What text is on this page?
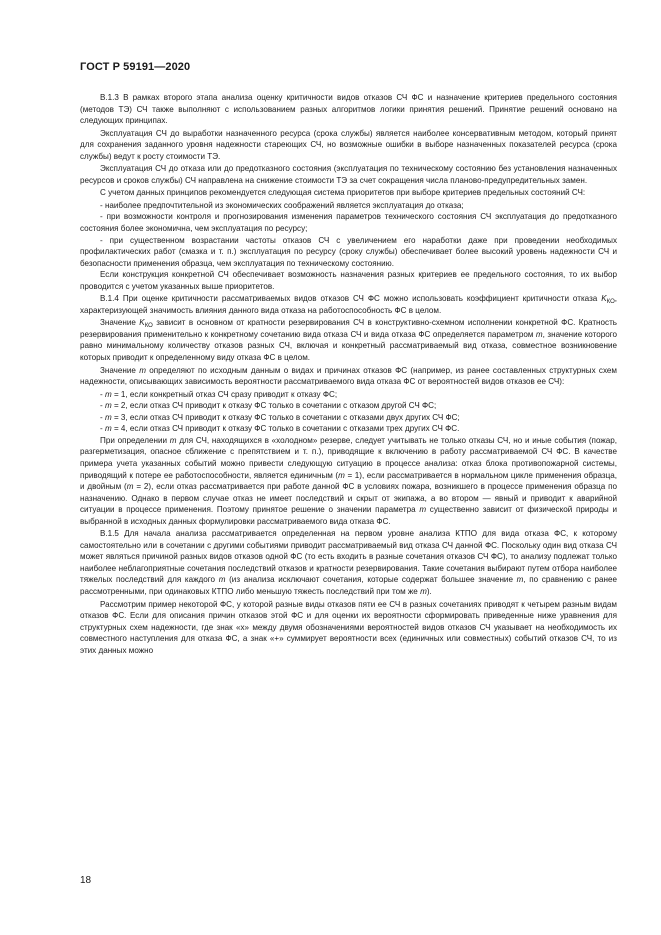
ГОСТ Р 59191—2020

В.1.3 В рамках второго этапа анализа оценку критичности видов отказов СЧ ФС и назначение критериев предельного состояния (методов ТЭ) СЧ также выполняют с использованием разных алгоритмов логики принятия решений. Принятие решений основано на следующих принципах.

Эксплуатация СЧ до выработки назначенного ресурса (срока службы) является наиболее консервативным методом, который принят для сохранения заданного уровня надежности стареющих СЧ, но возможные ошибки в выборе назначенных показателей ресурса (срока службы) ведут к росту стоимости ТЭ.

Эксплуатация СЧ до отказа или до предотказного состояния (эксплуатация по техническому состоянию без установления назначенных ресурсов и сроков службы) СЧ направлена на снижение стоимости ТЭ за счет сокращения числа планово-предупредительных замен.

С учетом данных принципов рекомендуется следующая система приоритетов при выборе критериев предельных состояний СЧ:

- наиболее предпочтительной из экономических соображений является эксплуатация до отказа;

- при возможности контроля и прогнозирования изменения параметров технического состояния СЧ эксплуатация до предотказного состояния более экономична, чем эксплуатация по ресурсу;

- при существенном возрастании частоты отказов СЧ с увеличением его наработки даже при проведении необходимых профилактических работ (смазка и т. п.) эксплуатация по ресурсу (сроку службы) обеспечивает более высокий уровень надежности СЧ и безопасности применения образца, чем эксплуатация по техническому состоянию.

Если конструкция конкретной СЧ обеспечивает возможность назначения разных критериев ее предельного состояния, то их выбор проводится с учетом указанных выше приоритетов.

В.1.4 При оценке критичности рассматриваемых видов отказов СЧ ФС можно использовать коэффициент критичности отказа $K_{КО}$, характеризующей значимость влияния данного вида отказа на работоспособность ФС в целом.

Значение $K_{КО}$ зависит в основном от кратности резервирования СЧ в конструктивно-схемном исполнении конкретной ФС. Кратность резервирования применительно к конкретному сочетанию вида отказа СЧ и вида отказа ФС определяется параметром m, значение которого равно минимальному количеству отказов разных СЧ, включая и конкретный рассматриваемый вид отказа, совместное возникновение которых приводит к определенному виду отказа ФС в целом.

Значение m определяют по исходным данным о видах и причинах отказов ФС (например, из ранее составленных структурных схем надежности, описывающих зависимость вероятности рассматриваемого вида отказа ФС от вероятностей видов отказов ее СЧ):

- m = 1, если конкретный отказ СЧ сразу приводит к отказу ФС;

- m = 2, если отказ СЧ приводит к отказу ФС только в сочетании с отказом другой СЧ ФС;

- m = 3, если отказ СЧ приводит к отказу ФС только в сочетании с отказами двух других СЧ ФС;

- m = 4, если отказ СЧ приводит к отказу ФС только в сочетании с отказами трех других СЧ ФС.

При определении m для СЧ, находящихся в «холодном» резерве, следует учитывать не только отказы СЧ, но и иные события (пожар, разгерметизация, опасное сближение с препятствием и т. п.), приводящие к включению в работу рассматриваемой СЧ ФС. В качестве примера учета указанных событий можно привести следующую ситуацию в процессе анализа: отказ блока противопожарной системы, приводящий к потере ее работоспособности, является единичным (m = 1), если рассматривается в нормальном цикле применения образца, и двойным (m = 2), если отказ рассматривается при работе данной ФС в условиях пожара, возникшего в процессе применения образца по назначению. Однако в первом случае отказ не имеет последствий и скрыт от экипажа, а во втором — явный и приводит к аварийной ситуации в процессе применения. Поэтому принятое решение о значении параметра m существенно зависит от физической природы и выбранной в исходных данных формулировки рассматриваемого вида отказа ФС.

В.1.5 Для начала анализа рассматривается определенная на первом уровне анализа КТПО для вида отказа ФС, к которому самостоятельно или в сочетании с другими событиями приводит рассматриваемый вид отказа СЧ данной ФС. Поскольку один вид отказа СЧ может являться причиной разных видов отказов одной ФС (то есть входить в разные сочетания отказов СЧ ФС), то анализу подлежат только наиболее неблагоприятные сочетания последствий отказов и кратности резервирования. Такие сочетания выбирают путем отбора наиболее тяжелых последствий для каждого m (из анализа исключают сочетания, которые содержат большее значение m, по сравнению с ранее рассмотренными, при одинаковых КТПО либо меньшую тяжесть последствий при том же m).

Рассмотрим пример некоторой ФС, у которой разные виды отказов пяти ее СЧ в разных сочетаниях приводят к четырем разным видам отказов ФС. Если для описания причин отказов этой ФС и для оценки их вероятности сформировать приведенные ниже уравнения для структурных схем надежности, где знак «х» между двумя обозначениями вероятностей видов отказов СЧ указывает на необходимость их совместного наступления для отказа ФС, а знак «+» суммирует вероятности всех (единичных или совместных) событий отказов СЧ, то из этих данных можно

18
